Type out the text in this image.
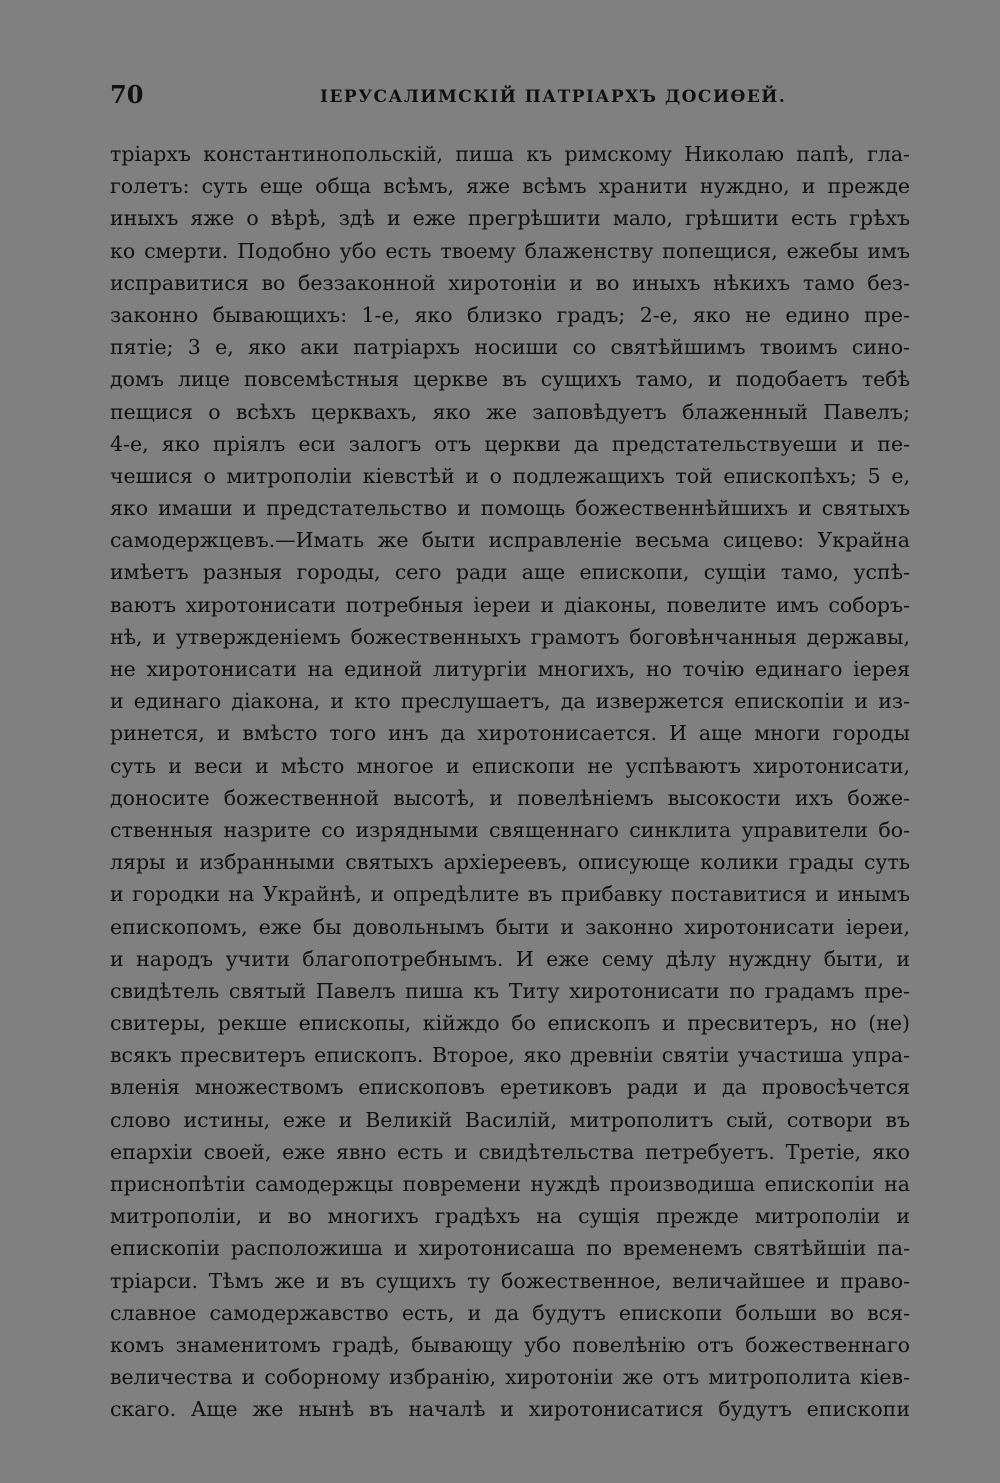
70	ІЕРУСАЛИМСКІЙ ПАТРІАРХЪ ДОСИѲЕЙ.
тріархъ константинопольскій, пиша къ римскому Николаю папѣ, гла-
голетъ: суть еще обща всѣмъ, яже всѣмъ хранити нуждно, и прежде
иныхъ яже о вѣрѣ, здѣ и еже прегрѣшити мало, грѣшити есть грѣхъ
ко смерти. Подобно убо есть твоему блаженству попещися, ежебы имъ
исправитися во беззаконной хиротоніи и во иныхъ нѣкихъ тамо без-
законно бывающихъ: 1-е, яко близко градъ; 2-е, яко не едино пре-
пятіе; 3 е, яко аки патріархъ носиши со святѣйшимъ твоимъ сино-
домъ лице повсемѣстныя церкве въ сущихъ тамо, и подобаетъ тебѣ
пещися о всѣхъ церквахъ, яко же заповѣдуетъ блаженный Павелъ;
4-е, яко пріялъ еси залогъ отъ церкви да предстательствуеши и пе-
чешися о митрополіи кіевстѣй и о подлежащихъ той епископѣхъ; 5 е,
яко имаши и предстательство и помощь божественнѣйшихъ и святыхъ
самодержцевъ.—Имать же быти исправленіе весьма сицево: Украйна
имѣетъ разныя городы, сего ради аще епископи, сущіи тамо, успѣ-
ваютъ хиротонисати потребныя іереи и діаконы, повелите имъ соборъ-
нѣ, и утвержденіемъ божественныхъ грамотъ боговѣнчанныя державы,
не хиротонисати на единой литургіи многихъ, но точію единаго іерея
и единаго діакона, и кто преслушаетъ, да извержется епископіи и из-
ринется, и вмѣсто того инъ да хиротонисается. И аще многи городы
суть и веси и мѣсто многое и епископи не успѣваютъ хиротонисати,
доносите божественной высотѣ, и повелѣніемъ высокости ихъ боже-
ственныя назрите со изрядными священнаго синклита управители бо-
ляры и избранными святыхъ архіереевъ, описующе колики грады суть
и городки на Украйнѣ, и опредѣлите въ прибавку поставитися и инымъ
епископомъ, еже бы довольнымъ быти и законно хиротонисати іереи,
и народъ учити благопотребнымъ. И еже сему дѣлу нуждну быти, и
свидѣтель святый Павелъ пиша къ Титу хиротонисати по градамъ пре-
свитеры, рекше епископы, кійждо бо епископъ и пресвитеръ, но (не)
всякъ пресвитеръ епископъ. Второе, яко древніи святіи участиша упра-
вленія множествомъ епископовъ еретиковъ ради и да провосѣчется
слово истины, еже и Великій Василій, митрополитъ сый, сотвори въ
епархіи своей, еже явно есть и свидѣтельства петребуетъ. Третіе, яко
приснопѣтіи самодержцы повремени нуждѣ производиша епископіи на
митрополіи, и во многихъ градѣхъ на сущія прежде митрополіи и
епископіи расположиша и хиротонисаша по временемъ святѣйшіи па-
тріарси. Тѣмъ же и въ сущихъ ту божественное, величайшее и право-
славное самодержавство есть, и да будутъ епископи больши во вся-
комъ знаменитомъ градѣ, бывающу убо повелѣнію отъ божественнаго
величества и соборному избранію, хиротоніи же отъ митрополита кіев-
скаго. Аще же нынѣ въ началѣ и хиротонисатися будутъ епископи
